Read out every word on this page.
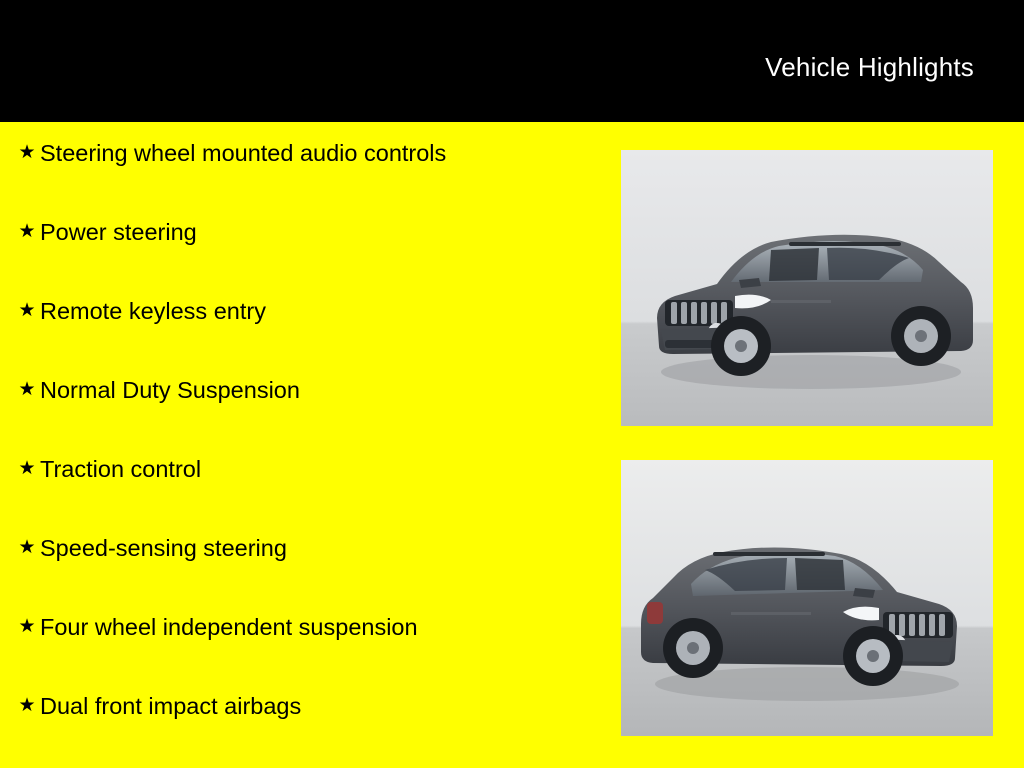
Vehicle Highlights
★ Steering wheel mounted audio controls
★ Power steering
★ Remote keyless entry
★ Normal Duty Suspension
★ Traction control
★ Speed-sensing steering
★ Four wheel independent suspension
★ Dual front impact airbags
